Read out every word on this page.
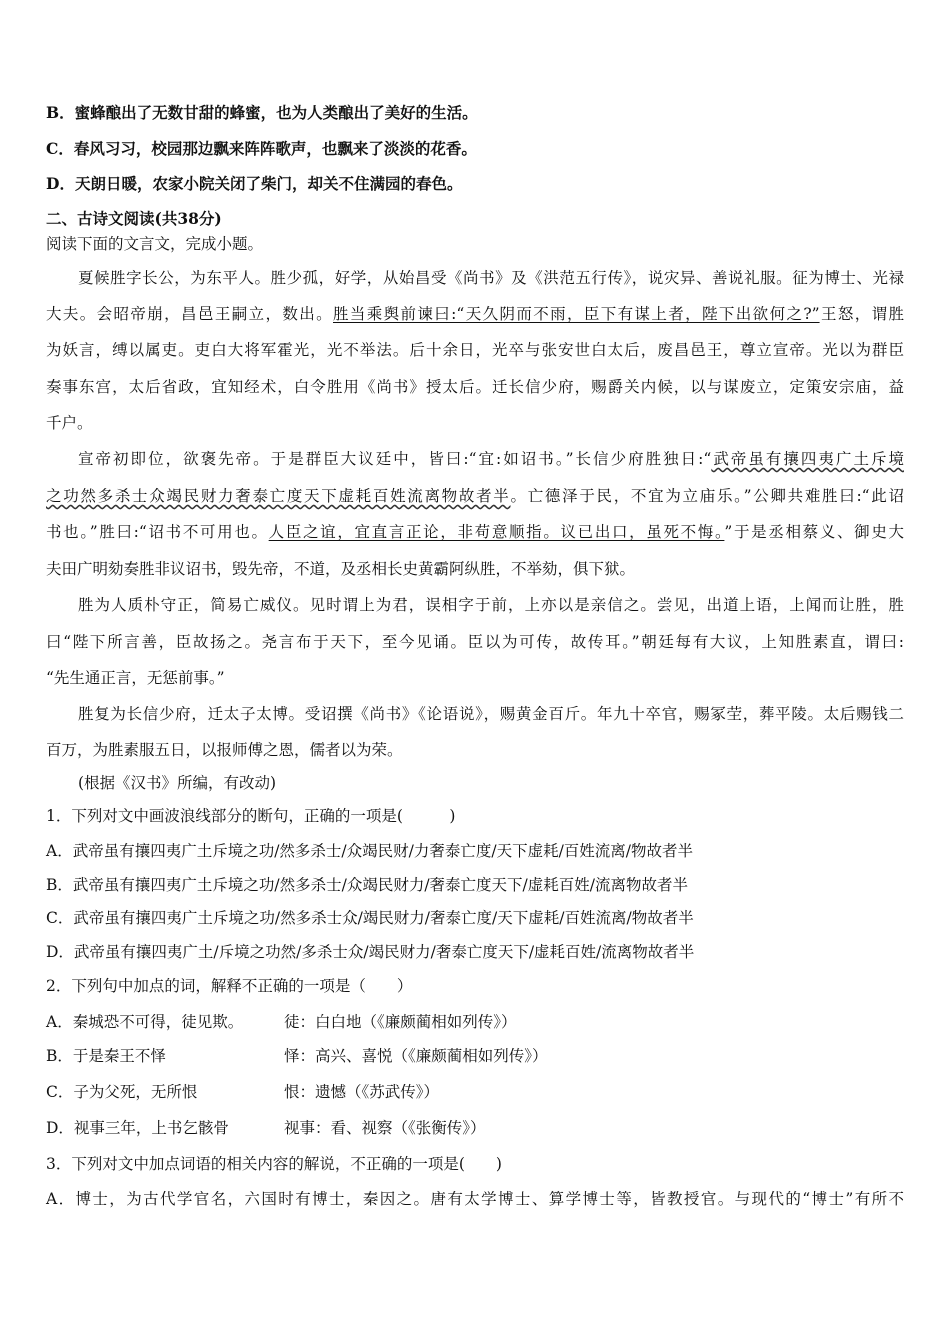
B．蜜蜂酿出了无数甘甜的蜂蜜，也为人类酿出了美好的生活。
C．春风习习，校园那边飘来阵阵歌声，也飘来了淡淡的花香。
D．天朗日暖，农家小院关闭了柴门，却关不住满园的春色。
二、古诗文阅读(共38分)
阅读下面的文言文，完成小题。
夏候胜字长公，为东平人。胜少孤，好学，从始昌受《尚书》及《洪范五行传》，说灾异、善说礼服。征为博士、光禄
大夫。会昭帝崩，昌邑王嗣立，数出。胜当乘舆前谏曰:“天久阴而不雨，臣下有谋上者，陛下出欲何之?”王怒，谓胜
为妖言，缚以属吏。吏白大将军霍光，光不举法。后十余日，光卒与张安世白太后，废昌邑王，尊立宣帝。光以为群臣
奏事东宫，太后省政，宜知经术，白令胜用《尚书》授太后。迁长信少府，赐爵关内候，以与谋废立，定策安宗庙，益
千户。
宣帝初即位，欲褒先帝。于是群臣大议廷中，皆曰:“宜:如诏书。”长信少府胜独日:“武帝虽有攘四夷广土斥境
之功然多杀士众竭民财力奢泰亡度天下虚耗百姓流离物故者半。亡德泽于民，不宜为立庙乐。”公卿共难胜曰:“此诏
书也。”胜曰:“诏书不可用也。人臣之谊，宜直言正论，非苟意顺指。议已出口，虽死不悔。”于是丞相蔡义、御史大
夫田广明劾奏胜非议诏书，毁先帝，不道，及丞相长史黄霸阿纵胜，不举劾，俱下狱。
胜为人质朴守正，简易亡威仪。见时谓上为君，误相字于前，上亦以是亲信之。尝见，出道上语，上闻而让胜，胜
曰“陛下所言善，臣故扬之。尧言布于天下，至今见诵。臣以为可传，故传耳。”朝廷每有大议，上知胜素直，谓曰:
“先生通正言，无惩前事。”
胜复为长信少府，迁太子太博。受诏撰《尚书》《论语说》，赐黄金百斤。年九十卒官，赐冢茔，葬平陵。太后赐钱二
百万，为胜素服五日，以报师傅之恩，儒者以为荣。
(根据《汉书》所编，有改动)
1．下列对文中画波浪线部分的断句，正确的一项是(　　　)
A．武帝虽有攘四夷广土斥境之功/然多杀士/众竭民财/力奢泰亡度/天下虚耗/百姓流离/物故者半
B．武帝虽有攘四夷广土斥境之功/然多杀士/众竭民财力/奢泰亡度天下/虚耗百姓/流离物故者半
C．武帝虽有攘四夷广土斥境之功/然多杀士众/竭民财力/奢泰亡度/天下虚耗/百姓流离/物故者半
D．武帝虽有攘四夷广土/斥境之功然/多杀士众/竭民财力/奢泰亡度天下/虚耗百姓/流离物故者半
2．下列句中加点的词，解释不正确的一项是（　　）
A．秦城恐不可得，徒见欺。	徒：白白地（《廉颇蔺相如列传》）
B．于是秦王不怿	怿：高兴、喜悦（《廉颇蔺相如列传》）
C．子为父死，无所恨	恨：遗憾（《苏武传》）
D．视事三年，上书乞骸骨	视事：看、视察（《张衡传》）
3．下列对文中加点词语的相关内容的解说，不正确的一项是(　　)
A．博士，为古代学官名，六国时有博士，秦因之。唐有太学博士、算学博士等，皆教授官。与现代的“博士”有所不
